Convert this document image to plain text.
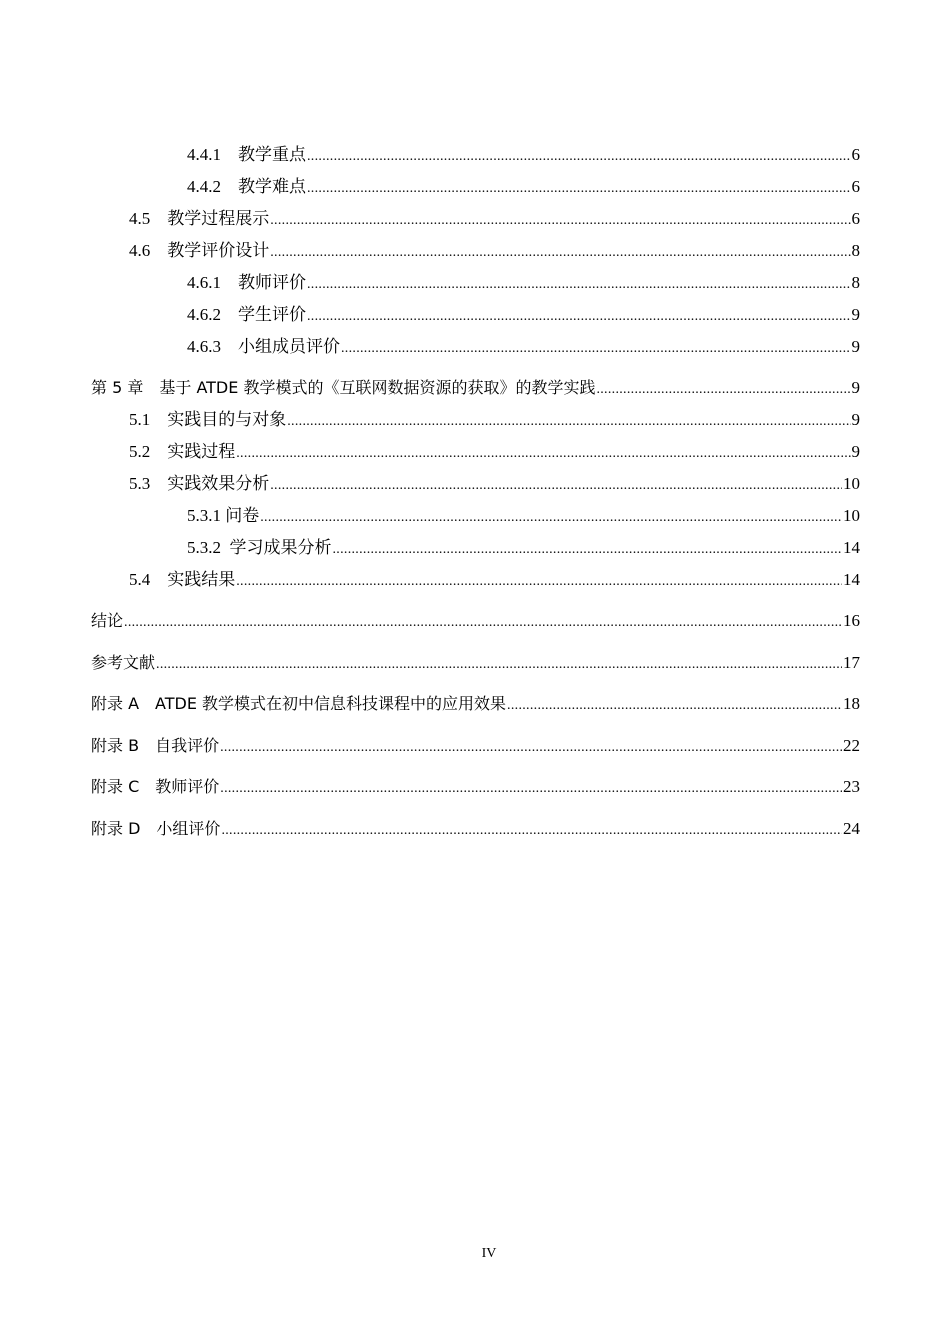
4.4.1  教学重点 .....	6
4.4.2  教学难点 .....	6
4.5  教学过程展示 .....	6
4.6  教学评价设计 .....	8
4.6.1  教师评价 .....	8
4.6.2  学生评价 .....	9
4.6.3  小组成员评价 .....	9
第 5 章  基于 ATDE 教学模式的《互联网数据资源的获取》的教学实践 .....	9
5.1  实践目的与对象 .....	9
5.2  实践过程 .....	9
5.3  实践效果分析 .....	10
5.3.1 问卷 .....	10
5.3.2  学习成果分析 .....	14
5.4  实践结果 .....	14
结论 .....	16
参考文献 .....	17
附录 A  ATDE 教学模式在初中信息科技课程中的应用效果 .....	18
附录 B  自我评价 .....	22
附录 C  教师评价 .....	23
附录 D  小组评价 .....	24
IV
